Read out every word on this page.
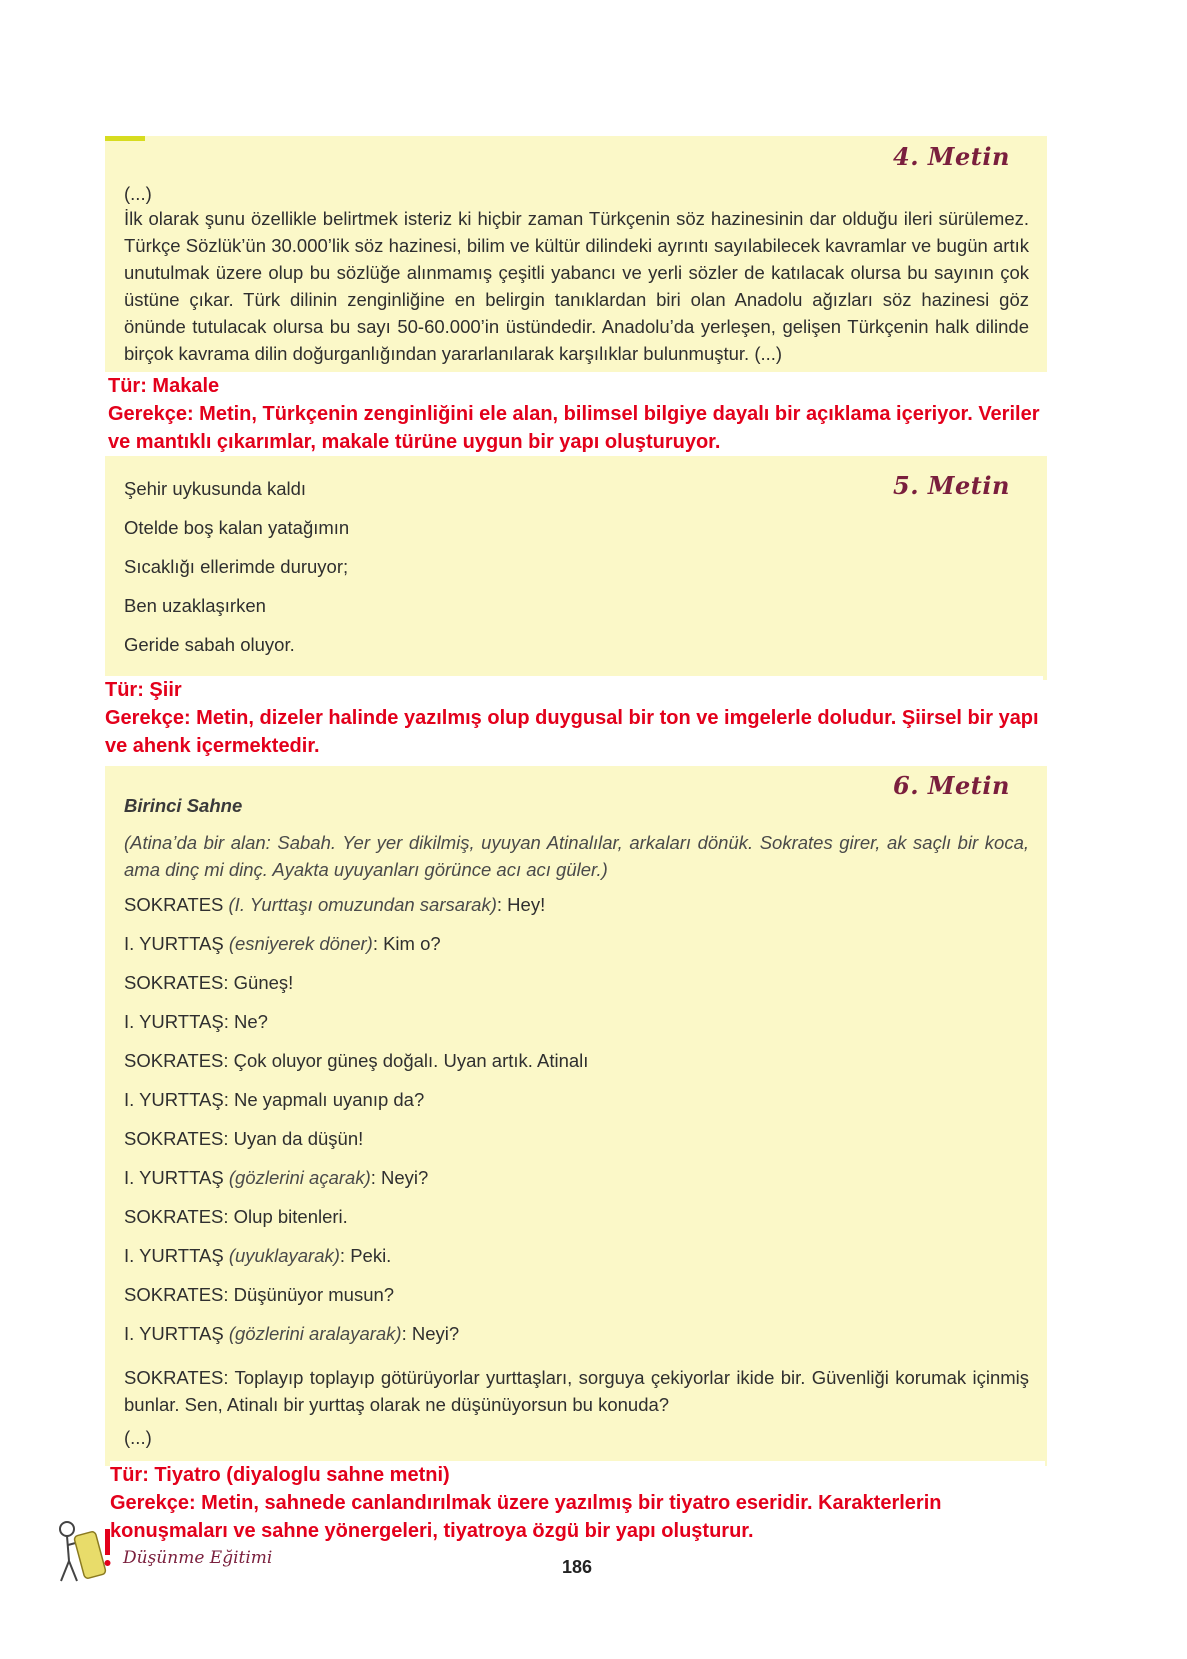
4. Metin
(...)
İlk olarak şunu özellikle belirtmek isteriz ki hiçbir zaman Türkçenin söz hazinesinin dar olduğu ileri sürülemez. Türkçe Sözlük’ün 30.000’lik söz hazinesi, bilim ve kültür dilindeki ayrıntı sayılabilecek kavramlar ve bugün artık unutulmak üzere olup bu sözlüğe alınmamış çeşitli yabancı ve yerli sözler de katılacak olursa bu sayının çok üstüne çıkar. Türk dilinin zenginliğine en belirgin tanıklardan biri olan Anadolu ağızları söz hazinesi göz önünde tutulacak olursa bu sayı 50-60.000’in üstündedir. Anadolu’da yerleşen, gelişen Türkçenin halk dilinde birçok kavrama dilin doğurganlığından yararlanılarak karşılıklar bulunmuştur. (...)
Tür: Makale
Gerekçe: Metin, Türkçenin zenginliğini ele alan, bilimsel bilgiye dayalı bir açıklama içeriyor. Veriler ve mantıklı çıkarımlar, makale türüne uygun bir yapı oluşturuyor.
5. Metin
Şehir uykusunda kaldı
Otelde boş kalan yatağımın
Sıcaklığı ellerimde duruyor;
Ben uzaklaşırken
Geride sabah oluyor.
Tür: Şiir
Gerekçe: Metin, dizeler halinde yazılmış olup duygusal bir ton ve imgelerle doludur. Şiirsel bir yapı ve ahenk içermektedir.
6. Metin
Birinci Sahne
(Atina’da bir alan: Sabah. Yer yer dikilmiş, uyuyan Atinalılar, arkaları dönük. Sokrates girer, ak saçlı bir koca, ama dinç mi dinç. Ayakta uyuyanları görünce acı acı güler.)
SOKRATES (I. Yurttaşı omuzundan sarsarak): Hey!
I. YURTTAŞ (esniyerek döner): Kim o?
SOKRATES: Güneş!
I. YURTTAŞ: Ne?
SOKRATES: Çok oluyor güneş doğalı. Uyan artık. Atinalı
I. YURTTAŞ: Ne yapmalı uyanıp da?
SOKRATES: Uyan da düşün!
I. YURTTAŞ (gözlerini açarak): Neyi?
SOKRATES: Olup bitenleri.
I. YURTTAŞ (uyuklayarak): Peki.
SOKRATES: Düşünüyor musun?
I. YURTTAŞ (gözlerini aralayarak): Neyi?
SOKRATES: Toplayıp toplayıp götürüyorlar yurttaşları, sorguya çekiyorlar ikide bir. Güvenliği korumak içinmiş bunlar. Sen, Atinalı bir yurttaş olarak ne düşünüyorsun bu konuda?
(...)
Tür: Tiyatro (diyaloglu sahne metni)
Gerekçe: Metin, sahnede canlandırılmak üzere yazılmış bir tiyatro eseridir. Karakterlerin konuşmaları ve sahne yönergeleri, tiyatroya özgü bir yapı oluşturur.
Düşünme Eğitimi	186
